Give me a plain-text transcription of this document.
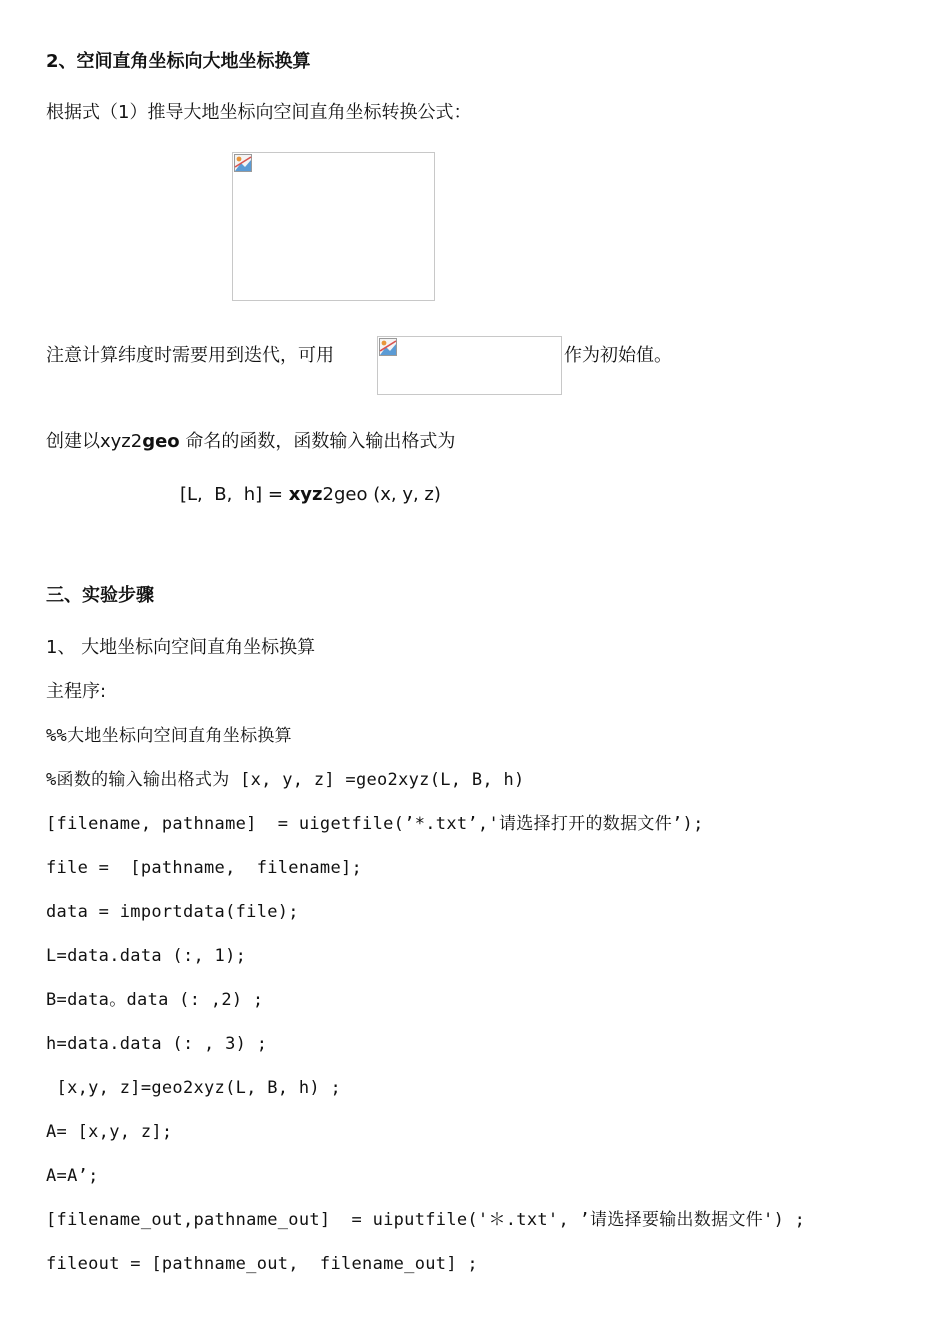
2、空间直角坐标向大地坐标换算
根据式（1）推导大地坐标向空间直角坐标转换公式：
注意计算纬度时需要用到迭代，可用	作为初始值。
创建以xyz2geo 命名的函数，函数输入输出格式为
[L,  B,  h] = xyz2geo (x, y, z)
三、实验步骤
1、 大地坐标向空间直角坐标换算
主程序:
%%大地坐标向空间直角坐标换算
%函数的输入输出格式为 [x, y, z] =geo2xyz(L, B, h)
[filename, pathname]  = uigetfile(’*.txt’,'请选择打开的数据文件’);
file =  [pathname,  filename];
data = importdata(file);
L=data.data (:, 1);
B=data。data (: ,2) ;
h=data.data (: , 3) ;
[x,y, z]=geo2xyz(L, B, h) ;
A= [x,y, z];
A=A’;
[filename_out,pathname_out]  = uiputfile('＊.txt', ’请选择要输出数据文件') ;
fileout = [pathname_out,  filename_out] ;
